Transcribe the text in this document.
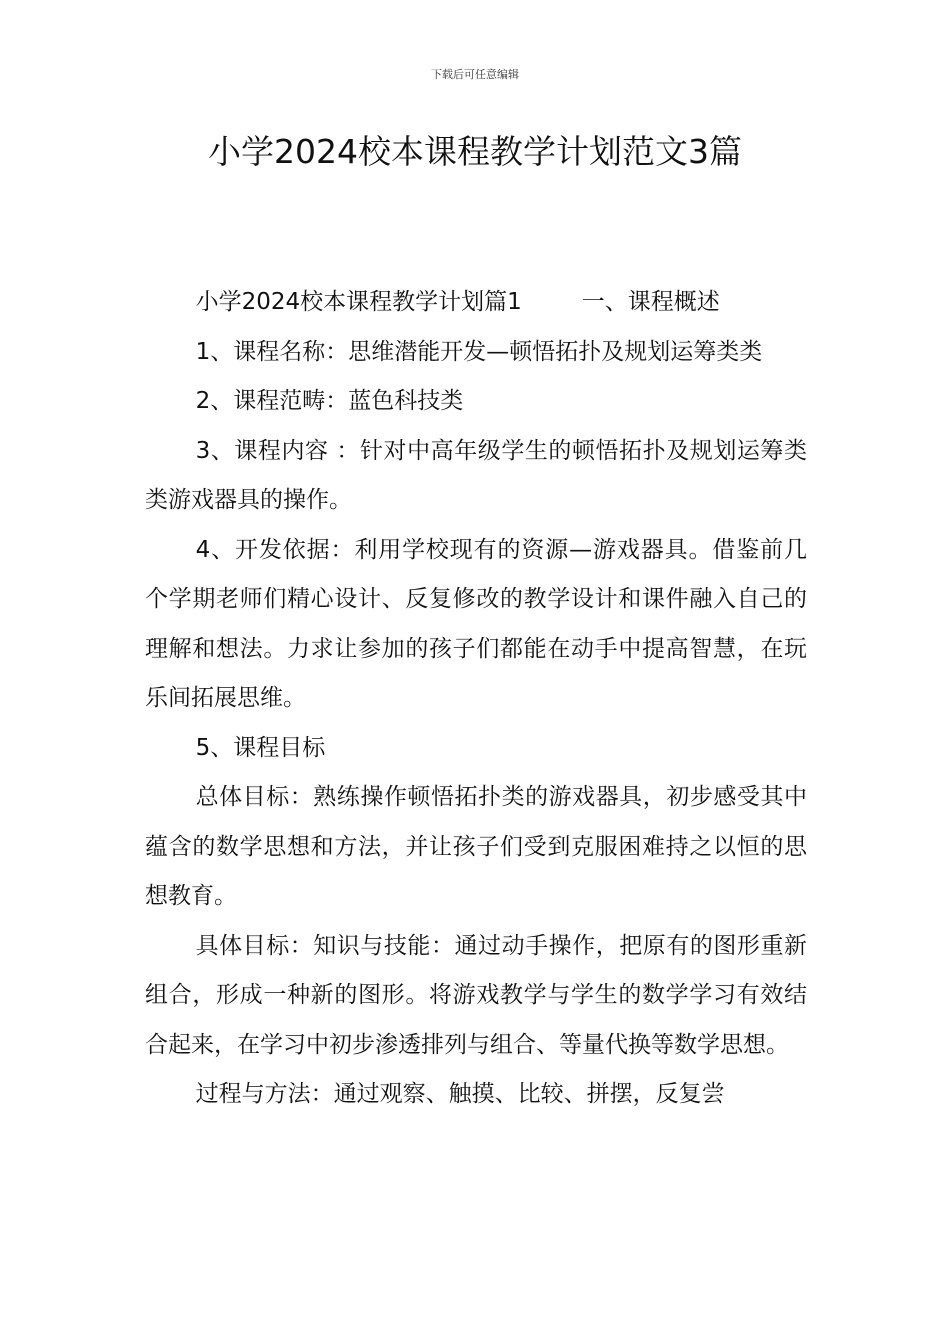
下载后可任意编辑
小学2024校本课程教学计划范文3篇

小学2024校本课程教学计划篇1	一、课程概述

1、课程名称：思维潜能开发—顿悟拓扑及规划运筹类类

2、课程范畴：蓝色科技类

3、课程内容 ：针对中高年级学生的顿悟拓扑及规划运筹类类游戏器具的操作。

4、开发依据：利用学校现有的资源—游戏器具。借鉴前几个学期老师们精心设计、反复修改的教学设计和课件融入自己的理解和想法。力求让参加的孩子们都能在动手中提高智慧，在玩乐间拓展思维。

5、课程目标

总体目标：熟练操作顿悟拓扑类的游戏器具，初步感受其中蕴含的数学思想和方法，并让孩子们受到克服困难持之以恒的思想教育。

具体目标：知识与技能：通过动手操作，把原有的图形重新组合，形成一种新的图形。将游戏教学与学生的数学学习有效结合起来，在学习中初步渗透排列与组合、等量代换等数学思想。

过程与方法：通过观察、触摸、比较、拼摆，反复尝
